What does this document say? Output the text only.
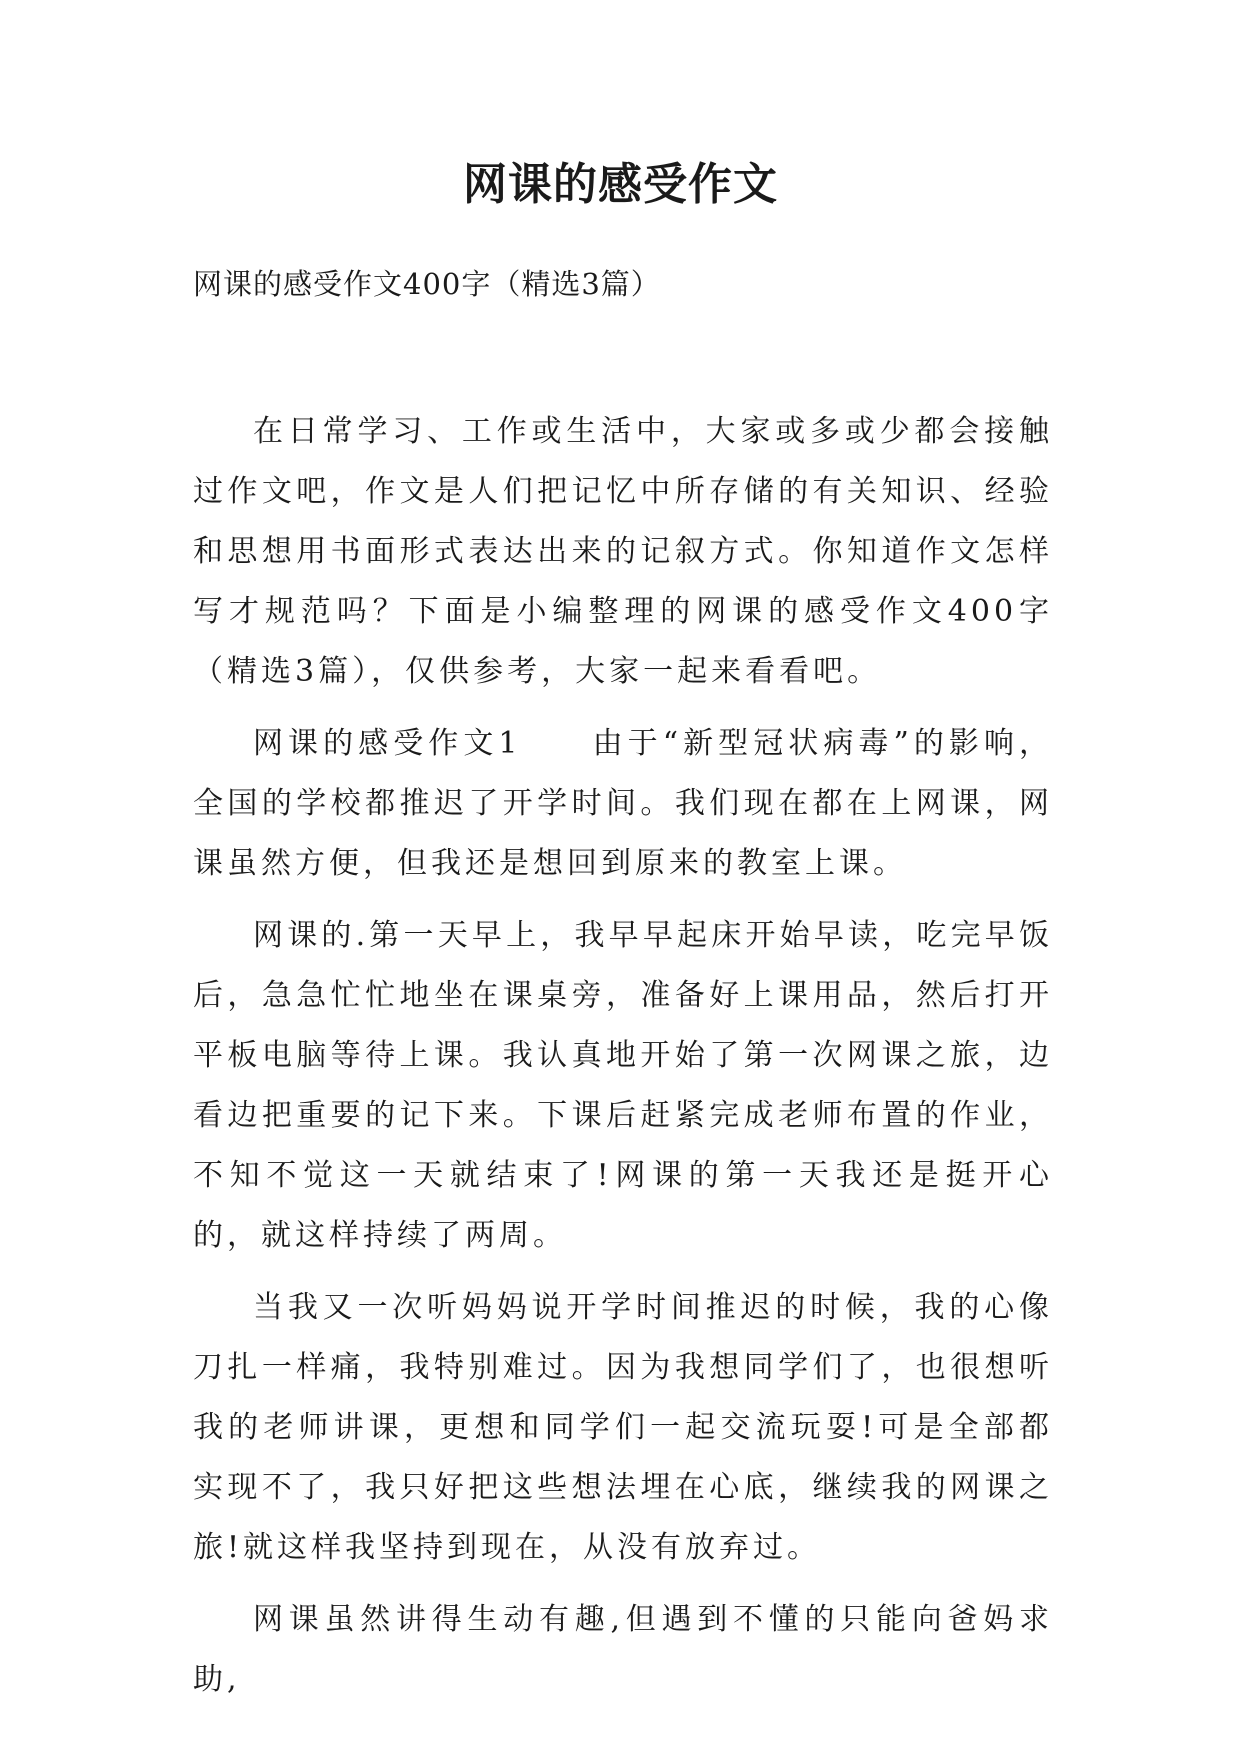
网课的感受作文

网课的感受作文400字（精选3篇）

在日常学习、工作或生活中，大家或多或少都会接触过作文吧，作文是人们把记忆中所存储的有关知识、经验和思想用书面形式表达出来的记叙方式。你知道作文怎样写才规范吗？下面是小编整理的网课的感受作文400字（精选3篇），仅供参考，大家一起来看看吧。

网课的感受作文1　　由于“新型冠状病毒”的影响，全国的学校都推迟了开学时间。我们现在都在上网课，网课虽然方便，但我还是想回到原来的教室上课。

网课的.第一天早上，我早早起床开始早读，吃完早饭后，急急忙忙地坐在课桌旁，准备好上课用品，然后打开平板电脑等待上课。我认真地开始了第一次网课之旅，边看边把重要的记下来。下课后赶紧完成老师布置的作业，不知不觉这一天就结束了!网课的第一天我还是挺开心的，就这样持续了两周。

当我又一次听妈妈说开学时间推迟的时候，我的心像刀扎一样痛，我特别难过。因为我想同学们了，也很想听我的老师讲课，更想和同学们一起交流玩耍!可是全部都实现不了，我只好把这些想法埋在心底，继续我的网课之旅!就这样我坚持到现在，从没有放弃过。

网课虽然讲得生动有趣,但遇到不懂的只能向爸妈求助,
